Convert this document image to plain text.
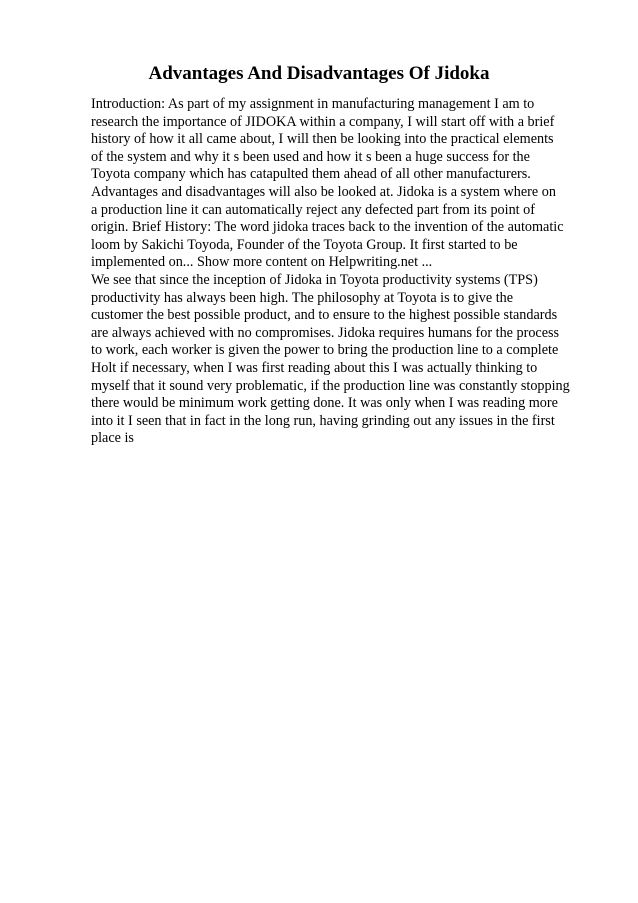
Advantages And Disadvantages Of Jidoka
Introduction: As part of my assignment in manufacturing management I am to
research the importance of JIDOKA within a company, I will start off with a brief
history of how it all came about, I will then be looking into the practical elements
of the system and why it s been used and how it s been a huge success for the
Toyota company which has catapulted them ahead of all other manufacturers.
Advantages and disadvantages will also be looked at. Jidoka is a system where on
a production line it can automatically reject any defected part from its point of
origin. Brief History: The word jidoka traces back to the invention of the automatic
loom by Sakichi Toyoda, Founder of the Toyota Group. It first started to be
implemented on... Show more content on Helpwriting.net ...
We see that since the inception of Jidoka in Toyota productivity systems (TPS)
productivity has always been high. The philosophy at Toyota is to give the
customer the best possible product, and to ensure to the highest possible standards
are always achieved with no compromises. Jidoka requires humans for the process
to work, each worker is given the power to bring the production line to a complete
Holt if necessary, when I was first reading about this I was actually thinking to
myself that it sound very problematic, if the production line was constantly stopping
there would be minimum work getting done. It was only when I was reading more
into it I seen that in fact in the long run, having grinding out any issues in the first
place is
